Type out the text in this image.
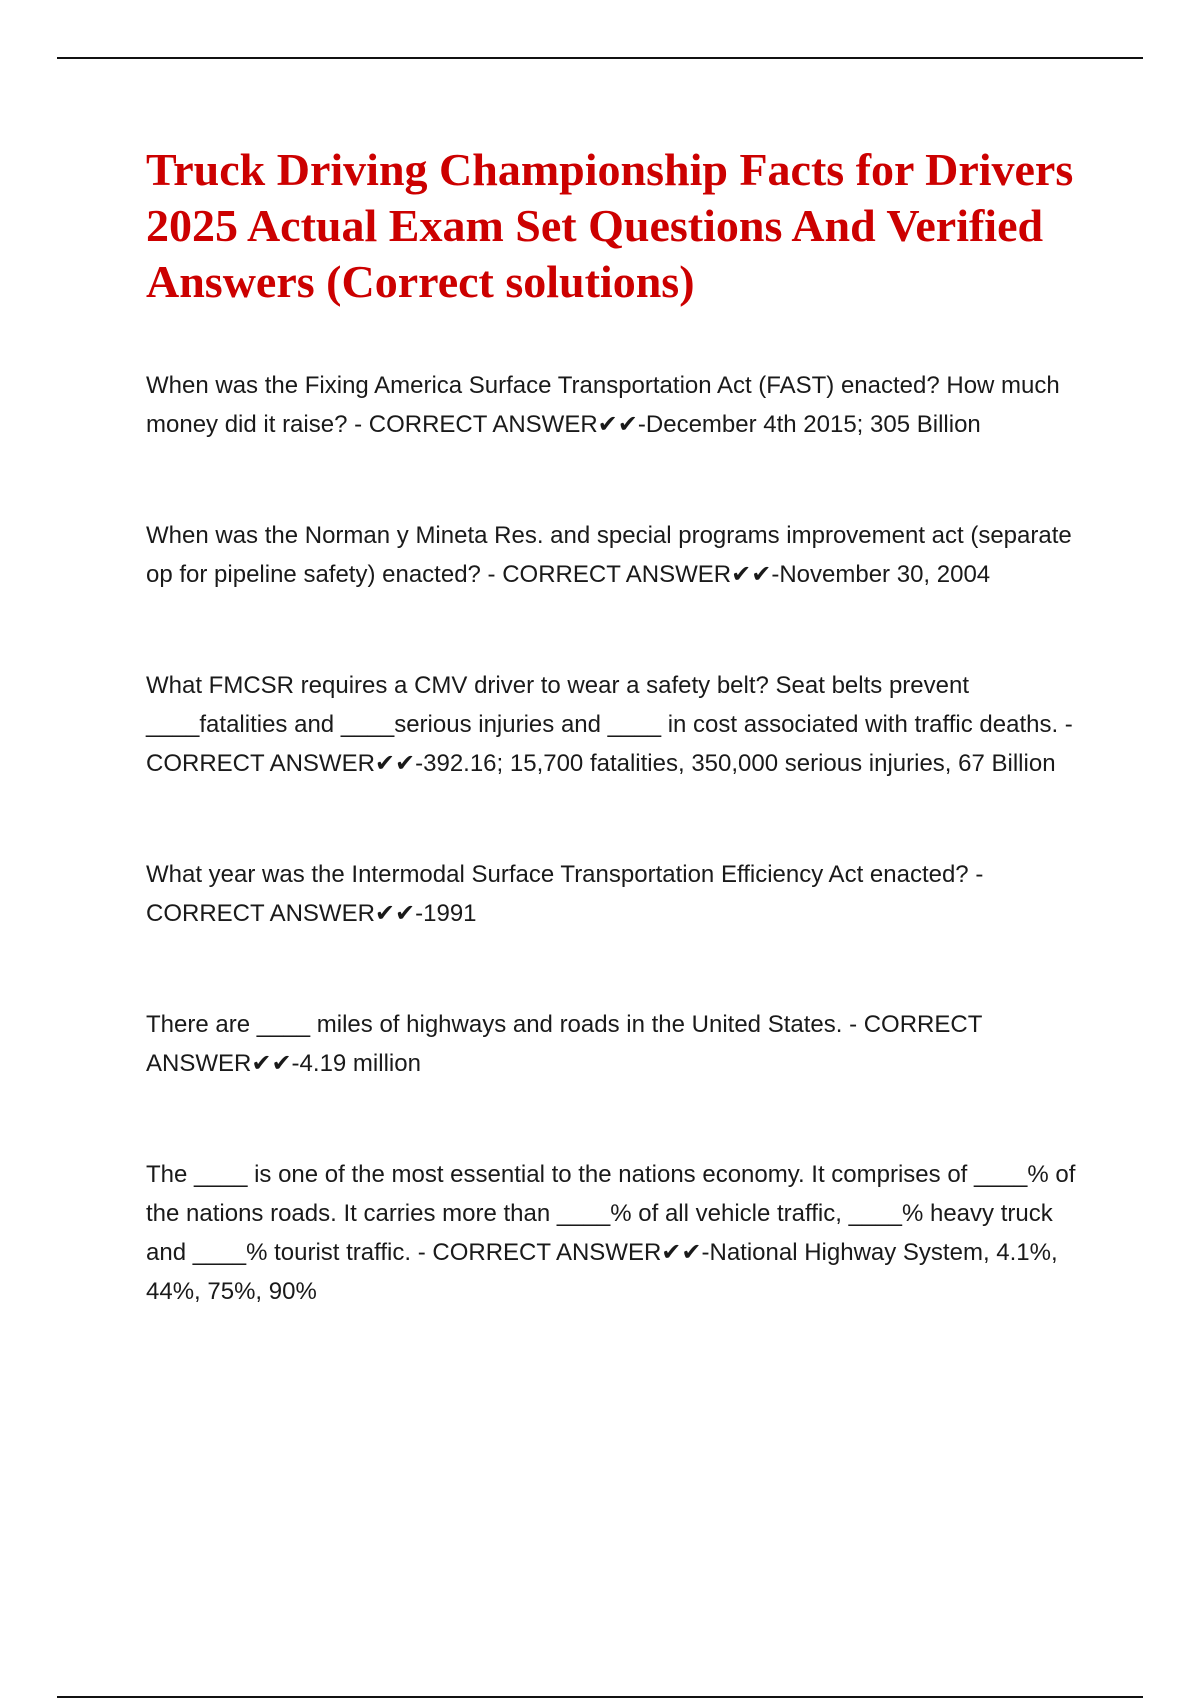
Truck Driving Championship Facts for Drivers 2025 Actual Exam Set Questions And Verified Answers (Correct solutions)

When was the Fixing America Surface Transportation Act (FAST) enacted? How much money did it raise? - CORRECT ANSWER✔✔-December 4th 2015; 305 Billion

When was the Norman y Mineta Res. and special programs improvement act (separate op for pipeline safety) enacted? - CORRECT ANSWER✔✔-November 30, 2004

What FMCSR requires a CMV driver to wear a safety belt? Seat belts prevent ____fatalities and ____serious injuries and ____ in cost associated with traffic deaths. - CORRECT ANSWER✔✔-392.16; 15,700 fatalities, 350,000 serious injuries, 67 Billion

What year was the Intermodal Surface Transportation Efficiency Act enacted? - CORRECT ANSWER✔✔-1991

There are ____ miles of highways and roads in the United States. - CORRECT ANSWER✔✔-4.19 million

The ____ is one of the most essential to the nations economy. It comprises of ____% of the nations roads. It carries more than ____% of all vehicle traffic, ____% heavy truck and ____% tourist traffic. - CORRECT ANSWER✔✔-National Highway System, 4.1%, 44%, 75%, 90%
